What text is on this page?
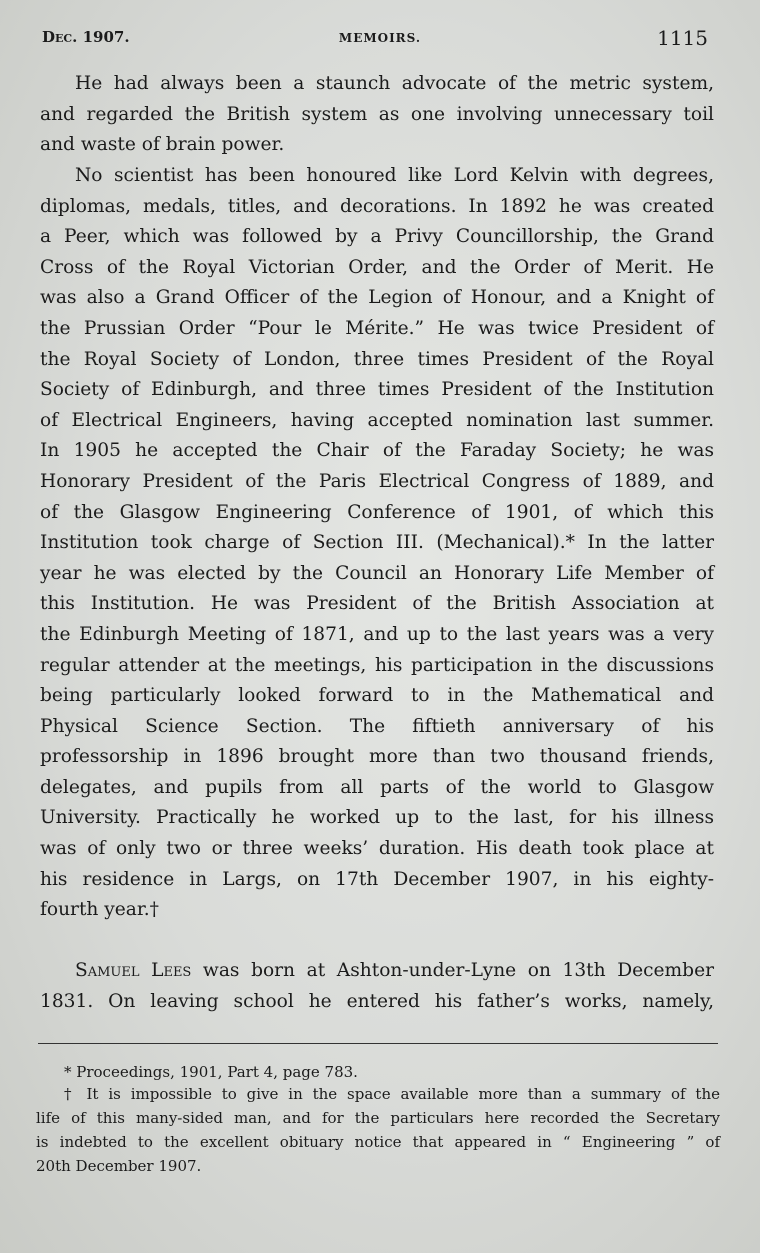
Dec. 1907.	MEMOIRS.	1115
He had always been a staunch advocate of the metric system,
and regarded the British system as one involving unnecessary toil
and waste of brain power.
No scientist has been honoured like Lord Kelvin with degrees,
diplomas, medals, titles, and decorations. In 1892 he was created
a Peer, which was followed by a Privy Councillorship, the Grand
Cross of the Royal Victorian Order, and the Order of Merit. He
was also a Grand Officer of the Legion of Honour, and a Knight of
the Prussian Order “Pour le Mérite.” He was twice President of
the Royal Society of London, three times President of the Royal
Society of Edinburgh, and three times President of the Institution
of Electrical Engineers, having accepted nomination last summer.
In 1905 he accepted the Chair of the Faraday Society; he was
Honorary President of the Paris Electrical Congress of 1889, and
of the Glasgow Engineering Conference of 1901, of which this
Institution took charge of Section III. (Mechanical).* In the latter
year he was elected by the Council an Honorary Life Member of
this Institution. He was President of the British Association at
the Edinburgh Meeting of 1871, and up to the last years was a very
regular attender at the meetings, his participation in the discussions
being particularly looked forward to in the Mathematical and
Physical Science Section. The fiftieth anniversary of his
professorship in 1896 brought more than two thousand friends,
delegates, and pupils from all parts of the world to Glasgow
University. Practically he worked up to the last, for his illness
was of only two or three weeks’ duration. His death took place at
his residence in Largs, on 17th December 1907, in his eighty-
fourth year.†
Samuel Lees was born at Ashton-under-Lyne on 13th December
1831. On leaving school he entered his father’s works, namely,
* Proceedings, 1901, Part 4, page 783.
† It is impossible to give in the space available more than a summary of the
life of this many-sided man, and for the particulars here recorded the Secretary
is indebted to the excellent obituary notice that appeared in “ Engineering ” of
20th December 1907.
